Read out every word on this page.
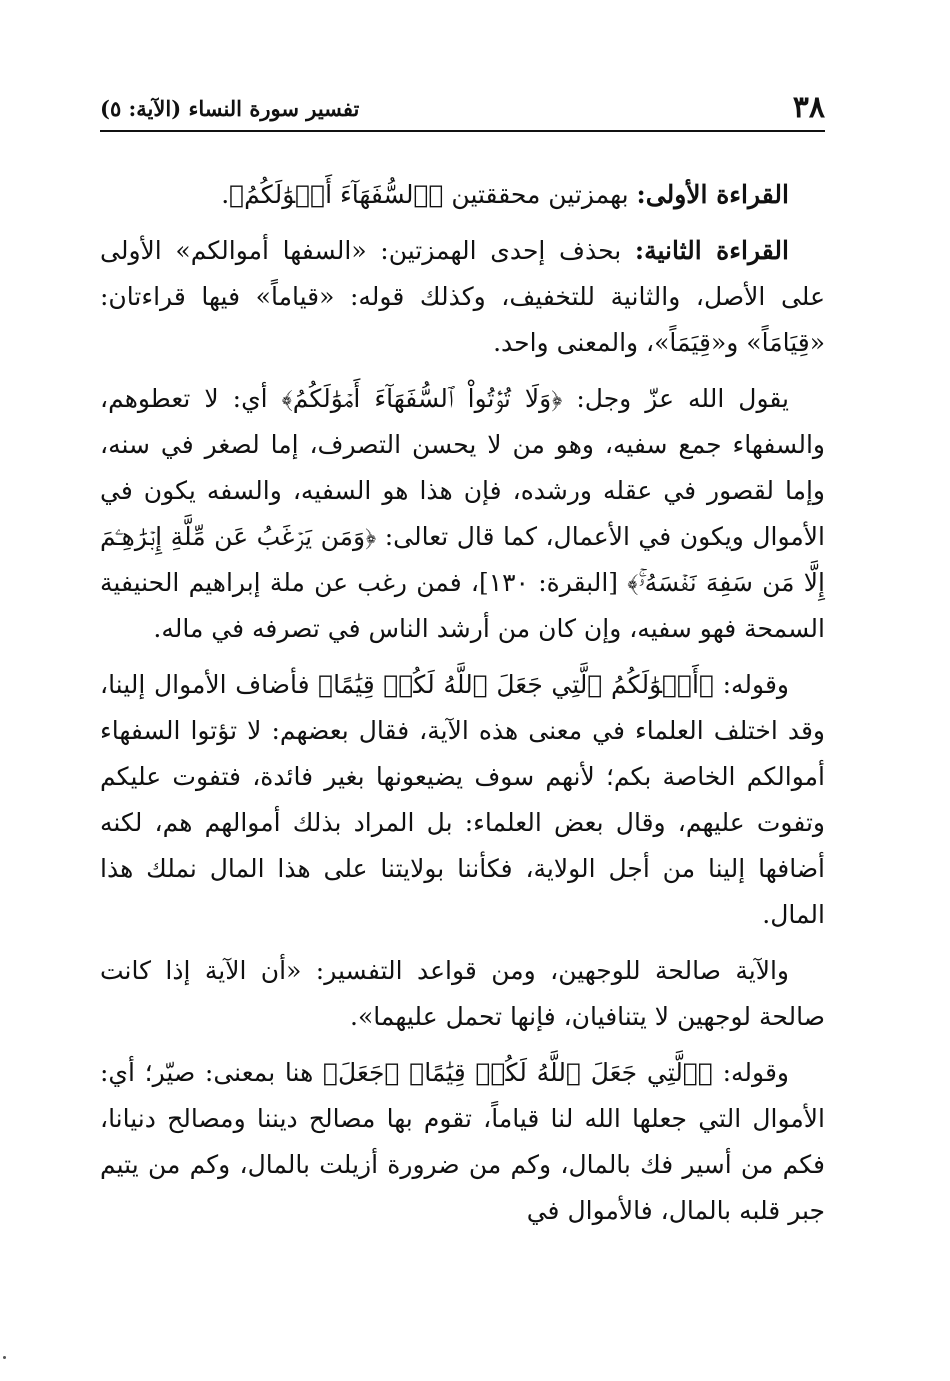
٣٨
تفسير سورة النساء (الآية: ٥)

القراءة الأولى: بهمزتين محققتين ﴿ٱلسُّفَهَآءَ أَمۡوَٰلَكُمُ﴾.

القراءة الثانية: بحذف إحدى الهمزتين: «السفها أموالكم» الأولى على الأصل، والثانية للتخفيف، وكذلك قوله: «قياماً» فيها قراءتان: «قِيَامَاً» و«قِيَمَاً»، والمعنى واحد.

يقول الله عزّ وجل: ﴿وَلَا تُؤۡتُواْ ٱلسُّفَهَآءَ أَمۡوَٰلَكُمُ﴾ أي: لا تعطوهم، والسفهاء جمع سفيه، وهو من لا يحسن التصرف، إما لصغر في سنه، وإما لقصور في عقله ورشده، فإن هذا هو السفيه، والسفه يكون في الأموال ويكون في الأعمال، كما قال تعالى: ﴿وَمَن يَرۡغَبُ عَن مِّلَّةِ إِبۡرَٰهِـۧمَ إِلَّا مَن سَفِهَ نَفۡسَهُۥۚ﴾ [البقرة: ١٣٠]، فمن رغب عن ملة إبراهيم الحنيفية السمحة فهو سفيه، وإن كان من أرشد الناس في تصرفه في ماله.

وقوله: ﴿أَمۡوَٰلَكُمُ ٱلَّتِي جَعَلَ ٱللَّهُ لَكُمۡ قِيَٰمًا﴾ فأضاف الأموال إلينا، وقد اختلف العلماء في معنى هذه الآية، فقال بعضهم: لا تؤتوا السفهاء أموالكم الخاصة بكم؛ لأنهم سوف يضيعونها بغير فائدة، فتفوت عليكم وتفوت عليهم، وقال بعض العلماء: بل المراد بذلك أموالهم هم، لكنه أضافها إلينا من أجل الولاية، فكأننا بولايتنا على هذا المال نملك هذا المال.

والآية صالحة للوجهين، ومن قواعد التفسير: «أن الآية إذا كانت صالحة لوجهين لا يتنافيان، فإنها تحمل عليهما».

وقوله: ﴿ٱلَّتِي جَعَلَ ٱللَّهُ لَكُمۡ قِيَٰمًا﴾ ﴿جَعَلَ﴾ هنا بمعنى: صيّر؛ أي: الأموال التي جعلها الله لنا قياماً، تقوم بها مصالح ديننا ومصالح دنيانا، فكم من أسير فك بالمال، وكم من ضرورة أزيلت بالمال، وكم من يتيم جبر قلبه بالمال، فالأموال في
